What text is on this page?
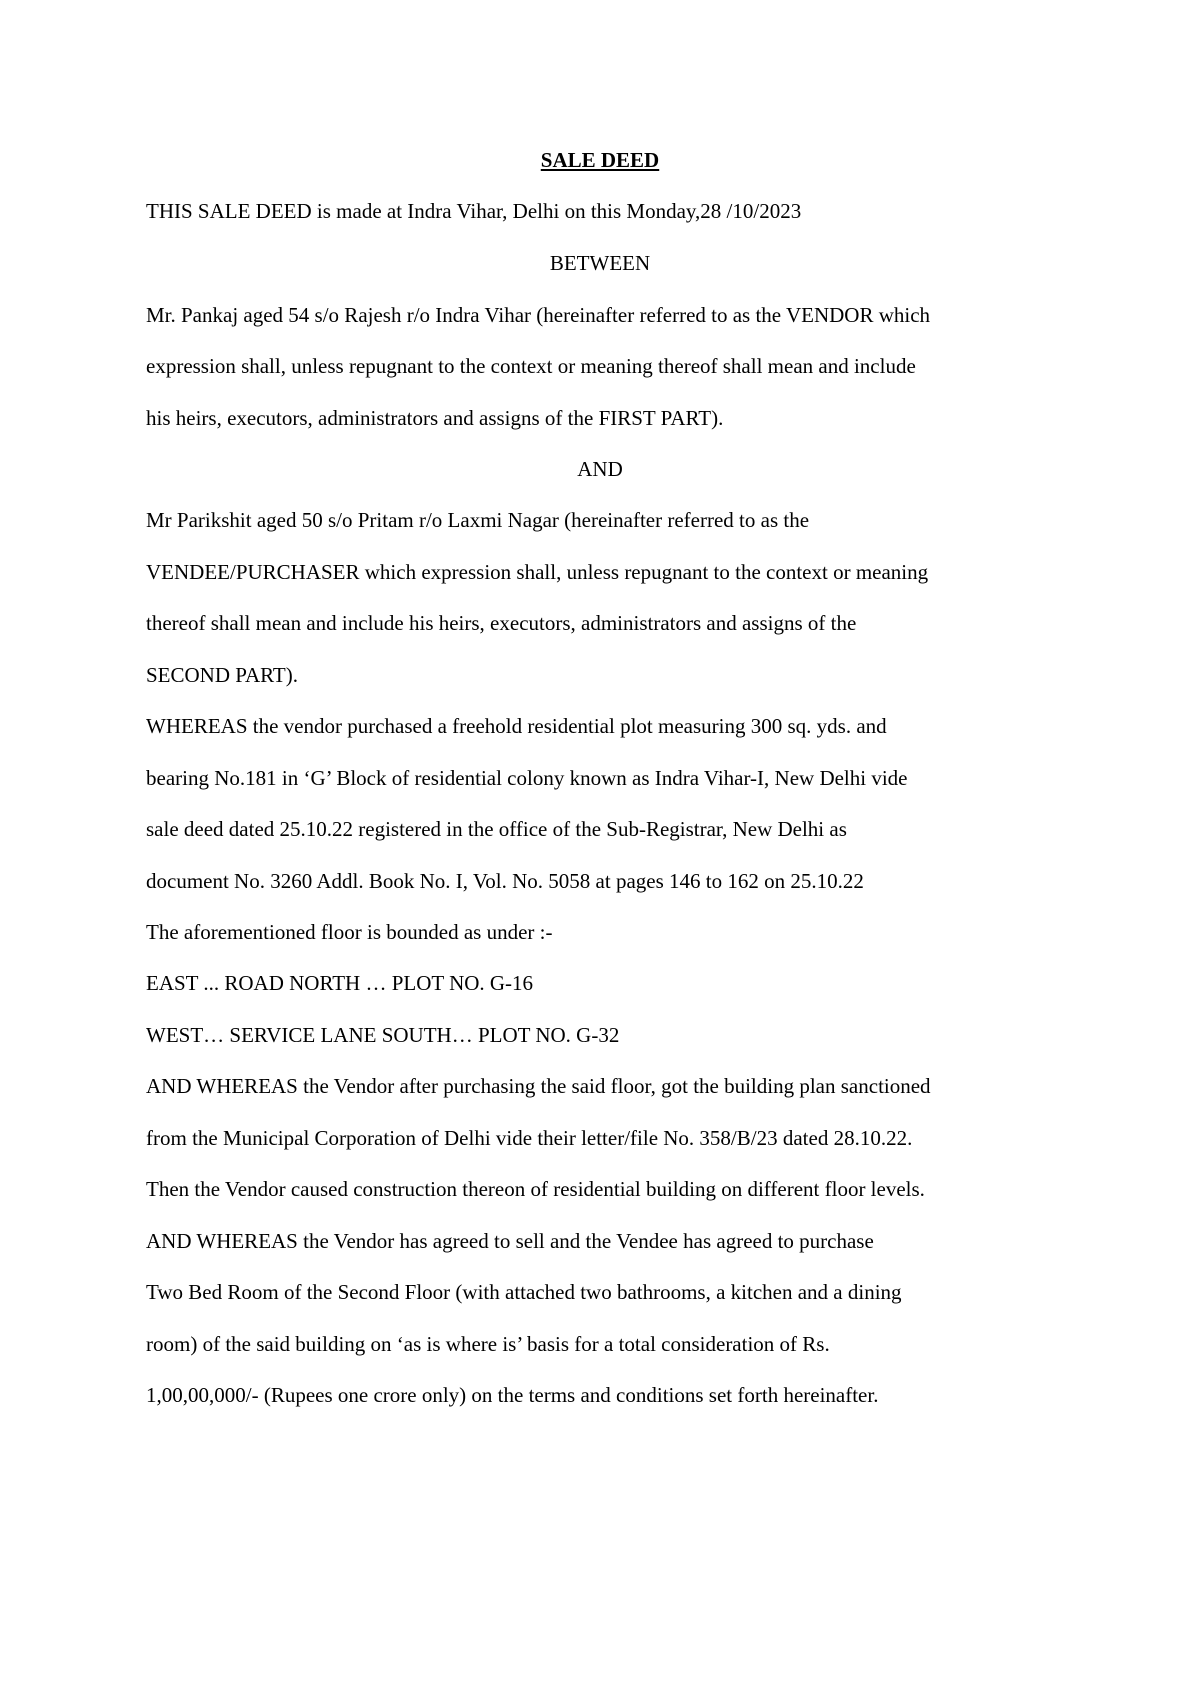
SALE DEED
THIS SALE DEED is made at Indra Vihar, Delhi on this Monday,28 /10/2023
BETWEEN
Mr. Pankaj aged 54 s/o Rajesh r/o Indra Vihar (hereinafter referred to as the VENDOR which
expression shall, unless repugnant to the context or meaning thereof shall mean and include
his heirs, executors, administrators and assigns of the FIRST PART).
AND
Mr Parikshit aged 50 s/o Pritam r/o Laxmi Nagar (hereinafter referred to as the
VENDEE/PURCHASER which expression shall, unless repugnant to the context or meaning
thereof shall mean and include his heirs, executors, administrators and assigns of the
SECOND PART).
WHEREAS the vendor purchased a freehold residential plot measuring 300 sq. yds. and
bearing No.181 in ‘G’ Block of residential colony known as Indra Vihar-I, New Delhi vide
sale deed dated 25.10.22 registered in the office of the Sub-Registrar, New Delhi as
document No. 3260 Addl. Book No. I, Vol. No. 5058 at pages 146 to 162 on 25.10.22
The aforementioned floor is bounded as under :-
EAST ... ROAD NORTH … PLOT NO. G-16
WEST… SERVICE LANE SOUTH… PLOT NO. G-32
AND WHEREAS the Vendor after purchasing the said floor, got the building plan sanctioned
from the Municipal Corporation of Delhi vide their letter/file No. 358/B/23 dated 28.10.22.
Then the Vendor caused construction thereon of residential building on different floor levels.
AND WHEREAS the Vendor has agreed to sell and the Vendee has agreed to purchase
Two Bed Room of the Second Floor (with attached two bathrooms, a kitchen and a dining
room) of the said building on ‘as is where is’ basis for a total consideration of Rs.
1,00,00,000/- (Rupees one crore only) on the terms and conditions set forth hereinafter.
